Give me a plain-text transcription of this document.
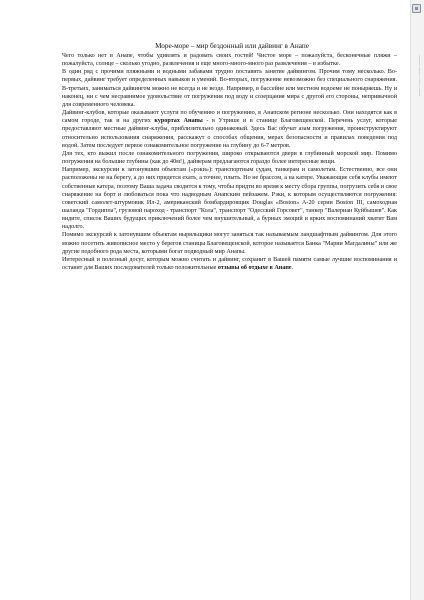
Море-море – мир бездонный или дайвинг в Анапе

Чего только нет в Анапе, чтобы удивлять и радовать своих гостей! Чистое море – пожалуйста, бесконечные пляжи – пожалуйста, солнце – сколько угодно, развлечения и еще много-много-много раз развлечения – в избытке.

В один ряд с прочими пляжными и водными забавами трудно поставить занятие дайвингом. Прочим тому несколько. Во-первых, дайвинг требует определенных навыков и умений. Во-вторых, погружение невозможно без специального снаряжения. В-третьих, заниматься дайвингом можно не всегда и не везде. Например, в бассейне или местном водоеме не поныряешь. Ну и наконец, ни с чем несравнимое удовольствие от погружения под воду и созерцания мира с другой его стороны, непривычной для современного человека.

Дайвинг-клубов, которые оказывают услуги по обучению и погружению, в Анапском регионе несколько. Они находятся как в самом городе, так и на других курортах Анапы - в Утрише и в станице Благовещенской. Перечень услуг, которые предоставляют местные дайвинг-клубы, приблизительно одинаковый. Здесь Вас обучат азам погружения, проинструктируют относительно использования снаряжения, расскажут о способах общения, мерах безопасности и правилах поведения под водой. Затем последует первое ознакомительное погружение на глубину до 6-7 метров.

Для тех, кто выжил после ознакомительного погружения, широко открываются двери в глубинный морской мир. Помимо погружения на большие глубины (как до 40м!), дайверам предлагаются гораздо более интересные вещи.

Например, экскурсии к затонувшим объектам («рэки»): транспортным судам, танкерам и самолетам. Естественно, все они расположены не на берегу, а до них придется ехать, а точнее, плыть. Но не брассом, а на катере. Уважающие себя клубы имеют собственные катера, поэтому Ваша задача сводится к тому, чтобы придти во время к месту сбора группы, погрузить себя и свое снаряжение на борт и любоваться пока что надводным Анапским пейзажем. Рэки, к которым осуществляются погружения: советский самолет-штурмовик Ил-2, американский бомбардировщик Douglas «Boston» A-20 серии Boston III, самоходная шаланда "Гордиппа", грузовой пароход - транспорт "Кола", транспорт "Одесский Горсовет", танкер "Валериан Куйбышев". Как видите, список Ваших будущих приключений более чем внушительный, а бурных эмоций и ярких воспоминаний хватит Вам надолго.

Помимо экскурсий к затонувшим объектам ныряльщики могут заняться так называемым ландшафтным дайвингом. Для этого можно посетить живописное место у берегов станицы Благовещенской, которое называется Банка "Марии Магдалины" или же другие подобного рода места, которыми богат подводный мир Анапы.

Интересный и полезный досуг, которым можно считать и дайвинг, сохранит в Вашей памяти самые лучшие воспоминания и оставит для Ваших последователей только положительные отзывы об отдыхе в Анапе.

Документ создан с помощью программы
